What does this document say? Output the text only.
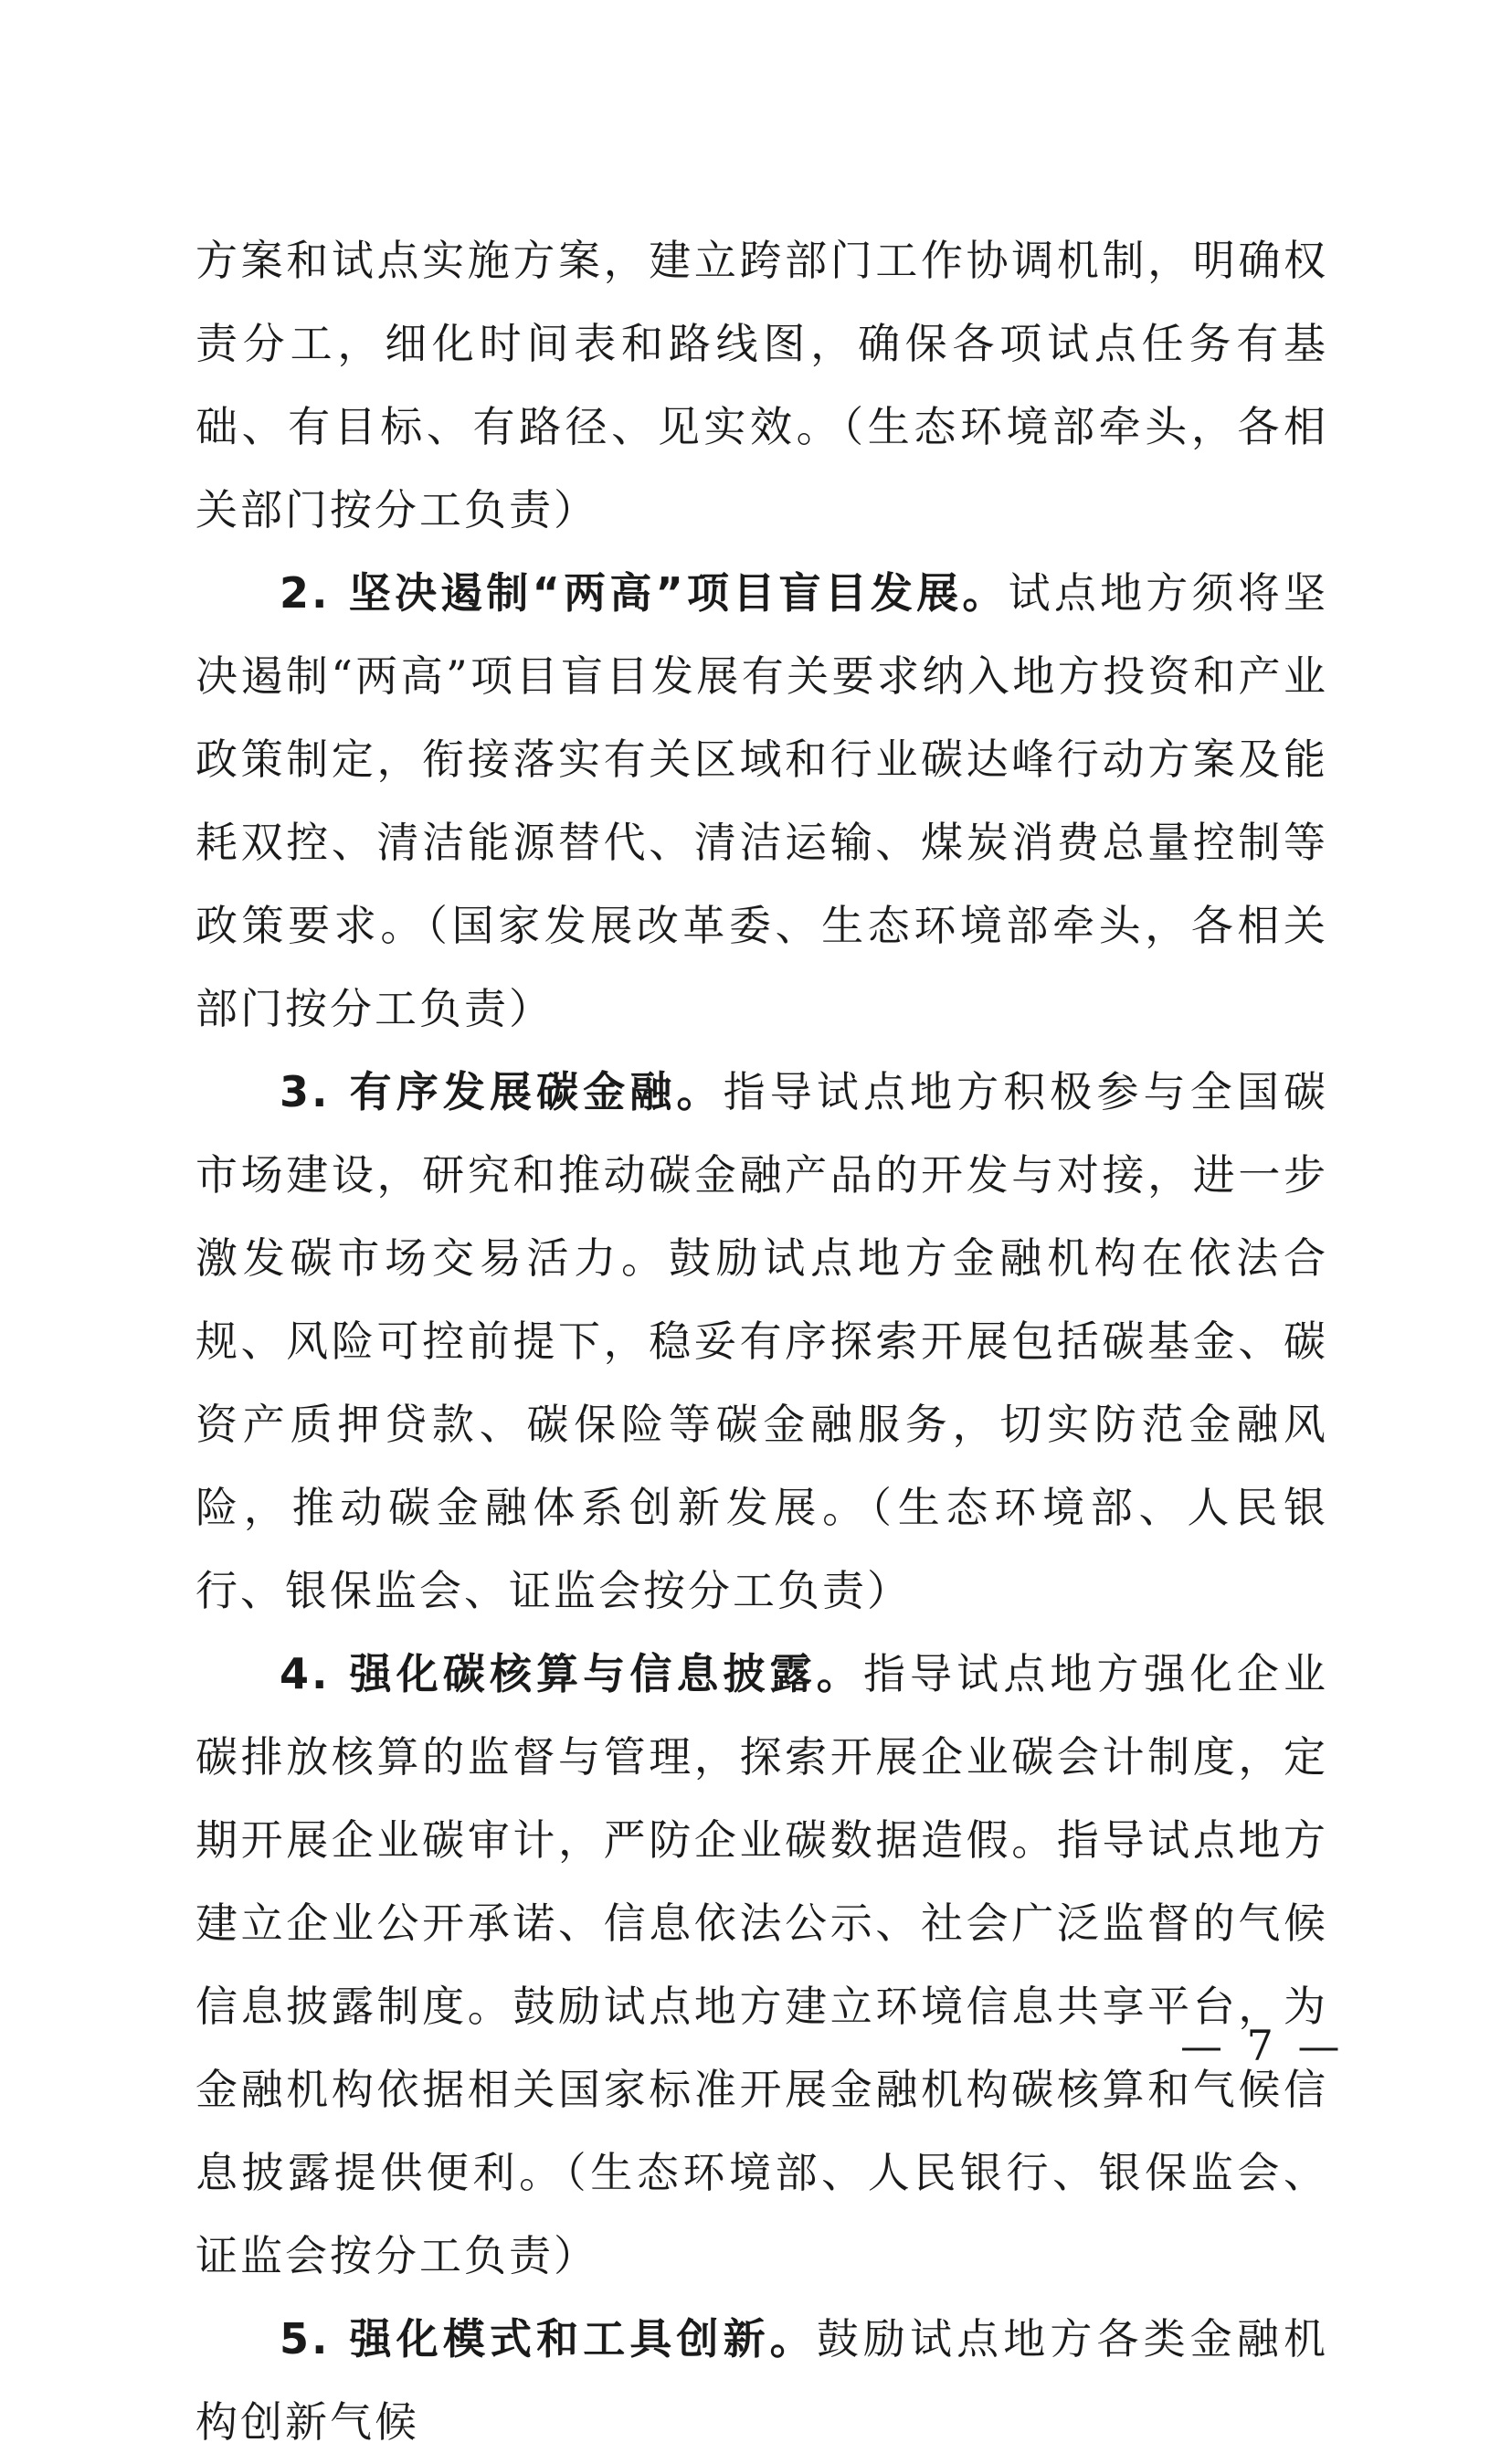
方案和试点实施方案，建立跨部门工作协调机制，明确权责分工，细化时间表和路线图，确保各项试点任务有基础、有目标、有路径、见实效。（生态环境部牵头，各相关部门按分工负责）

2. 坚决遏制“两高”项目盲目发展。试点地方须将坚决遏制“两高”项目盲目发展有关要求纳入地方投资和产业政策制定，衔接落实有关区域和行业碳达峰行动方案及能耗双控、清洁能源替代、清洁运输、煤炭消费总量控制等政策要求。（国家发展改革委、生态环境部牵头，各相关部门按分工负责）

3. 有序发展碳金融。指导试点地方积极参与全国碳市场建设，研究和推动碳金融产品的开发与对接，进一步激发碳市场交易活力。鼓励试点地方金融机构在依法合规、风险可控前提下，稳妥有序探索开展包括碳基金、碳资产质押贷款、碳保险等碳金融服务，切实防范金融风险，推动碳金融体系创新发展。（生态环境部、人民银行、银保监会、证监会按分工负责）

4. 强化碳核算与信息披露。指导试点地方强化企业碳排放核算的监督与管理，探索开展企业碳会计制度，定期开展企业碳审计，严防企业碳数据造假。指导试点地方建立企业公开承诺、信息依法公示、社会广泛监督的气候信息披露制度。鼓励试点地方建立环境信息共享平台，为金融机构依据相关国家标准开展金融机构碳核算和气候信息披露提供便利。（生态环境部、人民银行、银保监会、证监会按分工负责）

5. 强化模式和工具创新。鼓励试点地方各类金融机构创新气候

— 7 —
